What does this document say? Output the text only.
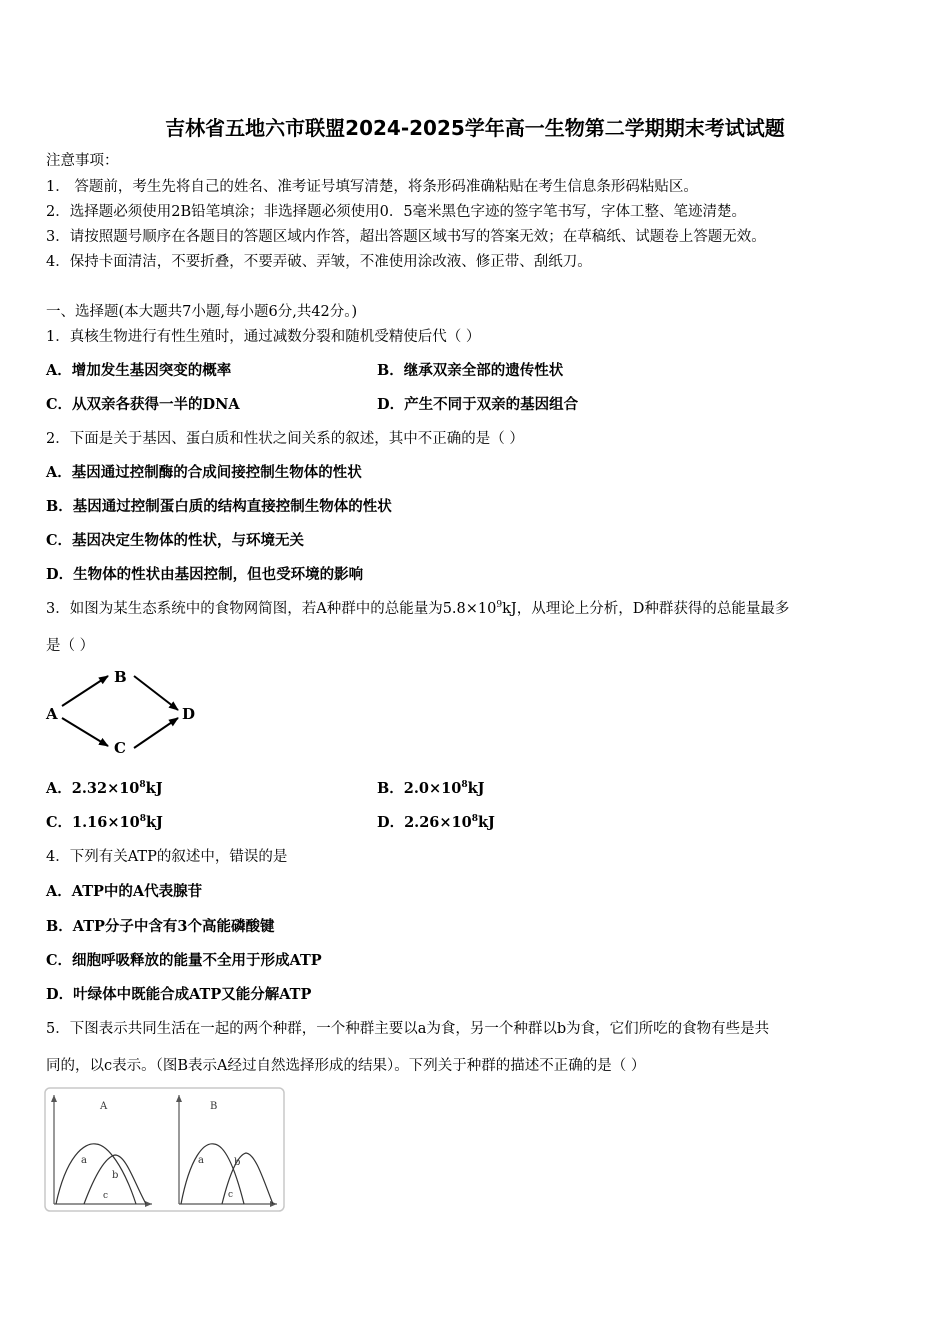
吉林省五地六市联盟2024-2025学年高一生物第二学期期末考试试题
注意事项：
1． 答题前，考生先将自己的姓名、准考证号填写清楚，将条形码准确粘贴在考生信息条形码粘贴区。
2．选择题必须使用2B铅笔填涂；非选择题必须使用0．5毫米黑色字迹的签字笔书写，字体工整、笔迹清楚。
3．请按照题号顺序在各题目的答题区域内作答，超出答题区域书写的答案无效；在草稿纸、试题卷上答题无效。
4．保持卡面清洁，不要折叠，不要弄破、弄皱，不准使用涂改液、修正带、刮纸刀。
一、选择题(本大题共7小题,每小题6分,共42分。)
1．真核生物进行有性生殖时，通过减数分裂和随机受精使后代（ ）
A．增加发生基因突变的概率	B．继承双亲全部的遗传性状
C．从双亲各获得一半的DNA	D．产生不同于双亲的基因组合
2．下面是关于基因、蛋白质和性状之间关系的叙述，其中不正确的是（ ）
A．基因通过控制酶的合成间接控制生物体的性状
B．基因通过控制蛋白质的结构直接控制生物体的性状
C．基因决定生物体的性状，与环境无关
D．生物体的性状由基因控制，但也受环境的影响
3．如图为某生态系统中的食物网简图，若A种群中的总能量为$5.8\times 10^9kJ$，从理论上分析，D种群获得的总能量最多
是（ ）
A
B
C
D
A．$2.32\times 10^8kJ$	B．$2.0\times 10^8kJ$
C．$1.16\times 10^8kJ$	D．$2.26\times 10^8kJ$
4．下列有关ATP的叙述中，错误的是
A．ATP中的A代表腺苷
B．ATP分子中含有3个高能磷酸键
C．细胞呼吸释放的能量不全用于形成ATP
D．叶绿体中既能合成ATP又能分解ATP
5．下图表示共同生活在一起的两个种群，一个种群主要以a为食，另一个种群以b为食，它们所吃的食物有些是共
同的，以c表示。（图B表示A经过自然选择形成的结果）。下列关于种群的描述不正确的是（ ）
A
a
b
c
B
a	b
c
